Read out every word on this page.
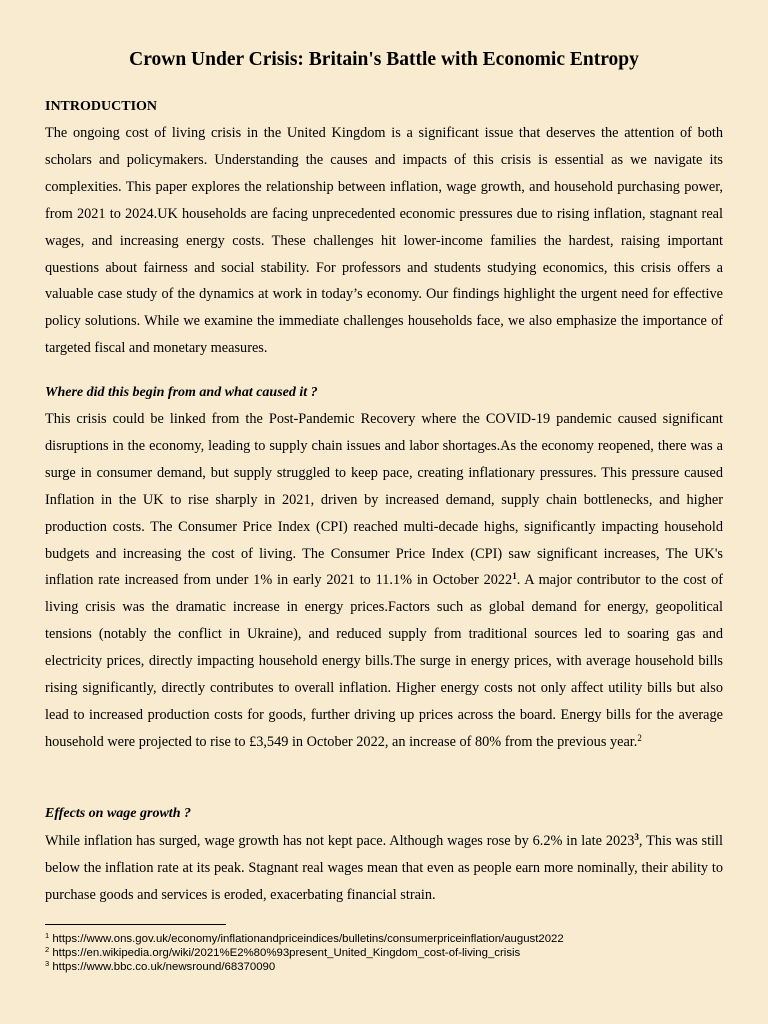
Crown Under Crisis: Britain's Battle with Economic Entropy
INTRODUCTION

The ongoing cost of living crisis in the United Kingdom is a significant issue that deserves the attention of both scholars and policymakers. Understanding the causes and impacts of this crisis is essential as we navigate its complexities. This paper explores the relationship between inflation, wage growth, and household purchasing power, from 2021 to 2024.UK households are facing unprecedented economic pressures due to rising inflation, stagnant real wages, and increasing energy costs. These challenges hit lower-income families the hardest, raising important questions about fairness and social stability. For professors and students studying economics, this crisis offers a valuable case study of the dynamics at work in today’s economy. Our findings highlight the urgent need for effective policy solutions. While we examine the immediate challenges households face, we also emphasize the importance of targeted fiscal and monetary measures.

Where did this begin from and what caused it ?

This crisis could be linked from the Post-Pandemic Recovery where the COVID-19 pandemic caused significant disruptions in the economy, leading to supply chain issues and labor shortages.As the economy reopened, there was a surge in consumer demand, but supply struggled to keep pace, creating inflationary pressures. This pressure caused Inflation in the UK to rise sharply in 2021, driven by increased demand, supply chain bottlenecks, and higher production costs. The Consumer Price Index (CPI) reached multi-decade highs, significantly impacting household budgets and increasing the cost of living. The Consumer Price Index (CPI) saw significant increases, The UK's inflation rate increased from under 1% in early 2021 to 11.1% in October 2022$^1$. A major contributor to the cost of living crisis was the dramatic increase in energy prices.Factors such as global demand for energy, geopolitical tensions (notably the conflict in Ukraine), and reduced supply from traditional sources led to soaring gas and electricity prices, directly impacting household energy bills.The surge in energy prices, with average household bills rising significantly, directly contributes to overall inflation. Higher energy costs not only affect utility bills but also lead to increased production costs for goods, further driving up prices across the board. Energy bills for the average household were projected to rise to £3,549 in October 2022, an increase of 80% from the previous year.$^2$

Effects on wage growth ?

While inflation has surged, wage growth has not kept pace. Although wages rose by 6.2% in late 2023$^3$, This was still below the inflation rate at its peak. Stagnant real wages mean that even as people earn more nominally, their ability to purchase goods and services is eroded, exacerbating financial strain.

$^1$ https://www.ons.gov.uk/economy/inflationandpriceindices/bulletins/consumerpriceinflation/august2022
$^2$ https://en.wikipedia.org/wiki/2021%E2%80%93present_United_Kingdom_cost-of-living_crisis
$^3$ https://www.bbc.co.uk/newsround/68370090
